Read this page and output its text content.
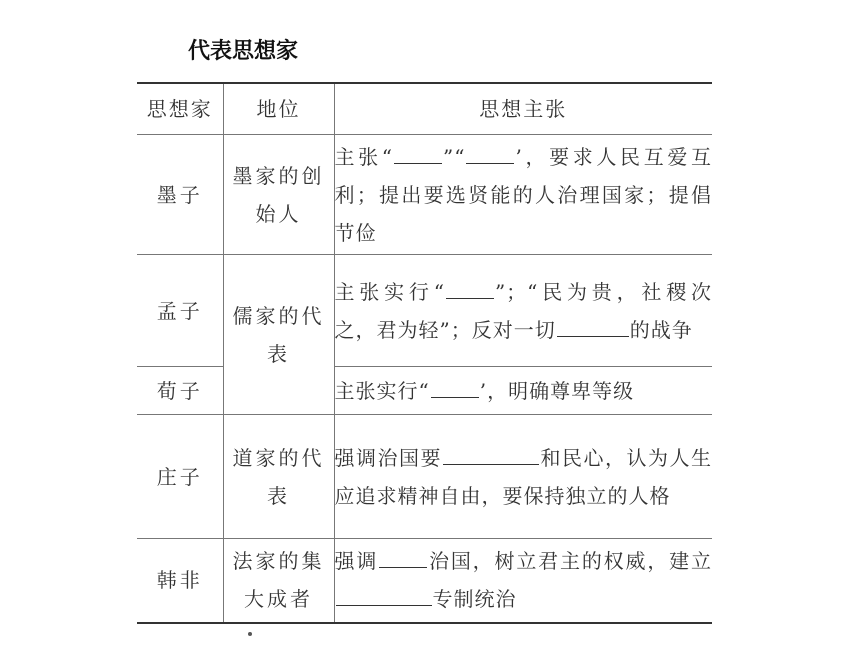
代表思想家
思想家	地位	思想主张
墨子	墨家的创始人	主张“ ”“ ’，要求人民互爱互利；提出要选贤能的人治理国家；提倡节俭
孟子	儒家的代表	主张实行“ ”；“民为贵，社稷次之，君为轻”；反对一切 的战争
荀子		主张实行“ ’，明确尊卑等级
庄子	道家的代表	强调治国要 和民心，认为人生应追求精神自由，要保持独立的人格
韩非	法家的集大成者	强调 治国，树立君主的权威，建立专制统治
